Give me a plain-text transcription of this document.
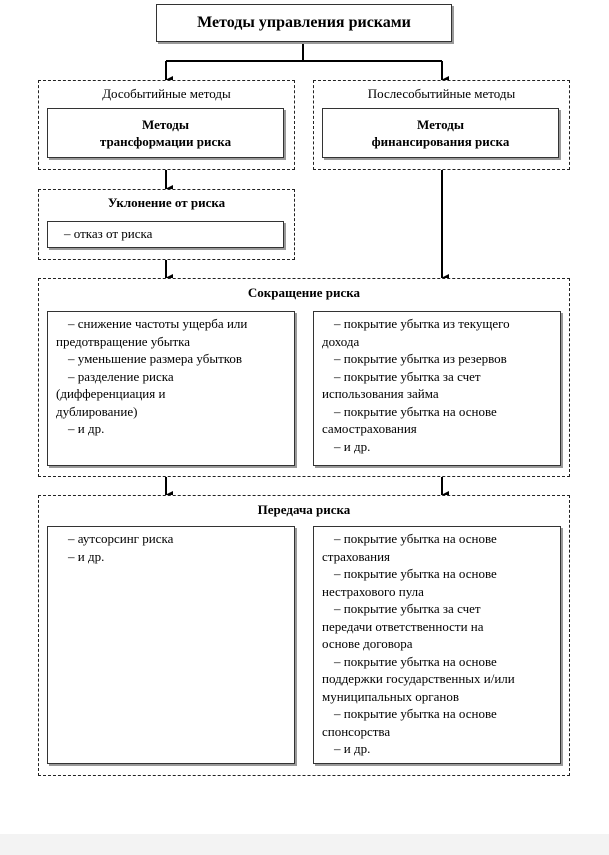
Методы управления рисками
Дособытийные методы
Методы
трансформации риска
Послесобытийные методы
Методы
финансирования риска
Уклонение от риска
– отказ от риска
Сокращение риска
– снижение частоты ущерба или
предотвращение убытка
– уменьшение размера убытков
– разделение риска
(дифференциация и
дублирование)
– и др.
– покрытие убытка из текущего
дохода
– покрытие убытка из резервов
– покрытие убытка за счет
использования займа
– покрытие убытка на основе
самострахования
– и др.
Передача риска
– аутсорсинг риска
– и др.
– покрытие убытка на основе
страхования
– покрытие убытка на основе
нестрахового пула
– покрытие убытка за счет
передачи ответственности на
основе договора
– покрытие убытка на основе
поддержки государственных и/или
муниципальных органов
– покрытие убытка на основе
спонсорства
– и др.
